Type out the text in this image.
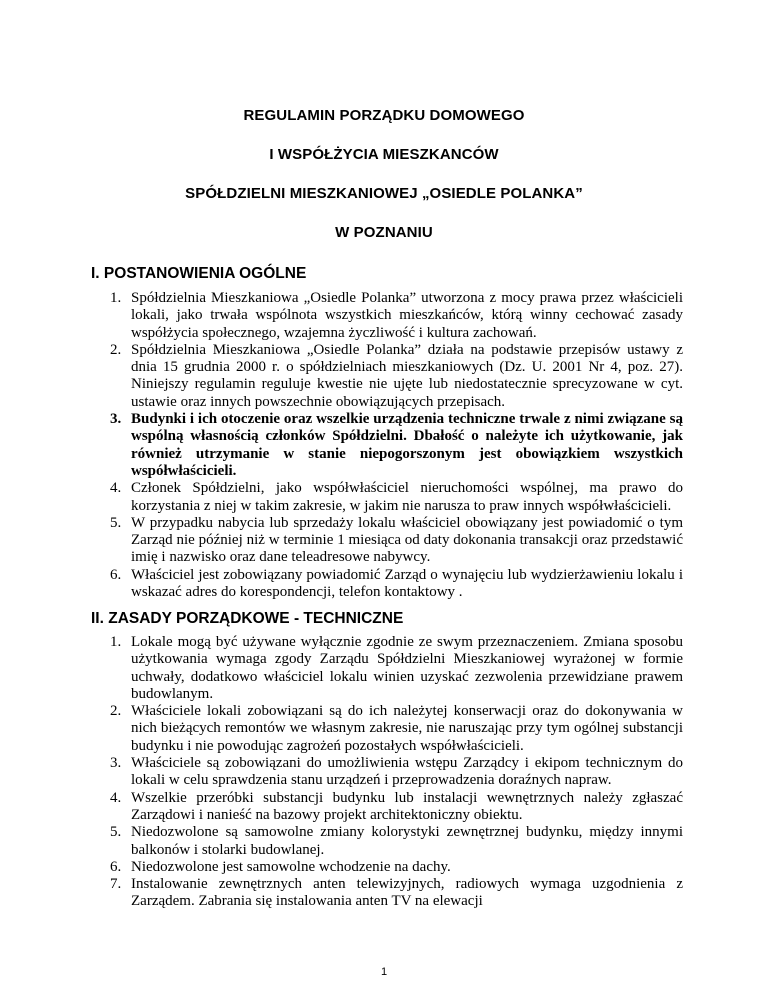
REGULAMIN PORZĄDKU DOMOWEGO
I WSPÓŁŻYCIA MIESZKANCÓW
SPÓŁDZIELNI MIESZKANIOWEJ „OSIEDLE POLANKA”
W POZNANIU
I. POSTANOWIENIA OGÓLNE
1. Spółdzielnia Mieszkaniowa „Osiedle Polanka” utworzona z mocy prawa przez właścicieli lokali, jako trwała wspólnota wszystkich mieszkańców, którą winny cechować zasady współżycia społecznego, wzajemna życzliwość i kultura zachowań.
2. Spółdzielnia Mieszkaniowa „Osiedle Polanka” działa na podstawie przepisów ustawy z dnia 15 grudnia 2000 r. o spółdzielniach mieszkaniowych (Dz. U. 2001 Nr 4, poz. 27). Niniejszy regulamin reguluje kwestie nie ujęte lub niedostatecznie sprecyzowane w cyt. ustawie oraz innych powszechnie obowiązujących przepisach.
3. Budynki i ich otoczenie oraz wszelkie urządzenia techniczne trwale z nimi związane są wspólną własnością członków Spółdzielni. Dbałość o należyte ich użytkowanie, jak również utrzymanie w stanie niepogorszonym jest obowiązkiem wszystkich współwłaścicieli.
4. Członek Spółdzielni, jako współwłaściciel nieruchomości wspólnej, ma prawo do korzystania z niej w takim zakresie, w jakim nie narusza to praw innych współwłaścicieli.
5. W przypadku nabycia lub sprzedaży lokalu właściciel obowiązany jest powiadomić o tym Zarząd nie później niż w terminie 1 miesiąca od daty dokonania transakcji oraz przedstawić imię i nazwisko oraz dane teleadresowe nabywcy.
6. Właściciel jest zobowiązany powiadomić Zarząd o wynajęciu lub wydzierżawieniu lokalu i wskazać adres do korespondencji, telefon kontaktowy .
II. ZASADY PORZĄDKOWE - TECHNICZNE
1. Lokale mogą być używane wyłącznie zgodnie ze swym przeznaczeniem. Zmiana sposobu użytkowania wymaga zgody Zarządu Spółdzielni Mieszkaniowej wyrażonej w formie uchwały, dodatkowo właściciel lokalu winien uzyskać zezwolenia przewidziane prawem budowlanym.
2. Właściciele lokali zobowiązani są do ich należytej konserwacji oraz do dokonywania w nich bieżących remontów we własnym zakresie, nie naruszając przy tym ogólnej substancji budynku i nie powodując zagrożeń pozostałych współwłaścicieli.
3. Właściciele są zobowiązani do umożliwienia wstępu Zarządcy i ekipom technicznym do lokali w celu sprawdzenia stanu urządzeń i przeprowadzenia doraźnych napraw.
4. Wszelkie przeróbki substancji budynku lub instalacji wewnętrznych należy zgłaszać Zarządowi i nanieść na bazowy projekt architektoniczny obiektu.
5. Niedozwolone są samowolne zmiany kolorystyki zewnętrznej budynku, między innymi balkonów i stolarki budowlanej.
6. Niedozwolone jest samowolne wchodzenie na dachy.
7. Instalowanie zewnętrznych anten telewizyjnych, radiowych wymaga uzgodnienia z Zarządem. Zabrania się instalowania anten TV na elewacji
1
